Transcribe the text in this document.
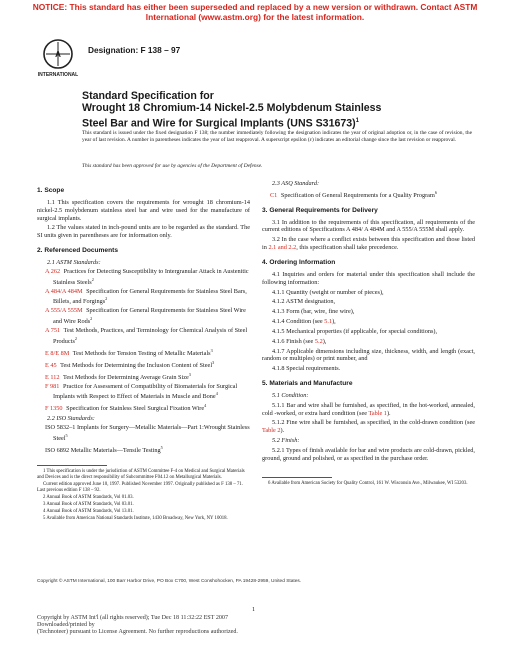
NOTICE: This standard has either been superseded and replaced by a new version or withdrawn. Contact ASTM
International (www.astm.org) for the latest information.
A
INTERNATIONAL
Designation: F 138 – 97
Standard Specification for
Wrought 18 Chromium-14 Nickel-2.5 Molybdenum Stainless
Steel Bar and Wire for Surgical Implants (UNS S31673)$^1$
This standard is issued under the fixed designation F 138; the number immediately following the designation indicates the year of original adoption or, in the case of revision, the year of last revision. A number in parentheses indicates the year of last reapproval. A superscript epsilon (ε) indicates an editorial change since the last revision or reapproval.
This standard has been approved for use by agencies of the Department of Defense.
1. Scope
1.1 This specification covers the requirements for wrought 18 chromium-14 nickel-2.5 molybdenum stainless steel bar and wire used for the manufacture of surgical implants.
1.2 The values stated in inch-pound units are to be regarded as the standard. The SI units given in parentheses are for information only.
2. Referenced Documents
2.1 ASTM Standards:
A 262 Practices for Detecting Susceptibility to Intergranular Attack in Austenitic Stainless Steels$^2$
A 484/A 484M Specification for General Requirements for Stainless Steel Bars, Billets, and Forgings$^2$
A 555/A 555M Specification for General Requirements for Stainless Steel Wire and Wire Rods$^2$
A 751 Test Methods, Practices, and Terminology for Chemical Analysis of Steel Products$^2$
E 8/E 8M Test Methods for Tension Testing of Metallic Materials$^3$
E 45 Test Methods for Determining the Inclusion Content of Steel$^3$
E 112 Test Methods for Determining Average Grain Size$^3$
F 981 Practice for Assessment of Compatibility of Biomaterials for Surgical Implants with Respect to Effect of Materials in Muscle and Bone$^4$
F 1350 Specification for Stainless Steel Surgical Fixation Wire$^4$
2.2 ISO Standards:
ISO 5832–1 Implants for Surgery—Metallic Materials—Part 1:Wrought Stainless Steel$^5$
ISO 6892 Metallic Materials—Tensile Testing$^5$
1 This specification is under the jurisdiction of ASTM Committee F-4 on Medical and Surgical Materials and Devices and is the direct responsibility of Subcommittee F04.12 on Metallurgical Materials.
Current edition approved June 10, 1997. Published November 1997. Originally published as F 138 – 71. Last previous edition F 138 – 92.
2 Annual Book of ASTM Standards, Vol 01.03.
3 Annual Book of ASTM Standards, Vol 03.01.
4 Annual Book of ASTM Standards, Vol 13.01.
5 Available from American National Standards Institute, 1430 Broadway, New York, NY 10018.
2.3 ASQ Standard:
C1 Specification of General Requirements for a Quality Program$^6$
3. General Requirements for Delivery
3.1 In addition to the requirements of this specification, all requirements of the current editions of Specifications A 484/ A 484M and A 555/A 555M shall apply.
3.2 In the case where a conflict exists between this specification and those listed in 2.1 and 2.2, this specification shall take precedence.
4. Ordering Information
4.1 Inquiries and orders for material under this specification shall include the following information:
4.1.1 Quantity (weight or number of pieces),
4.1.2 ASTM designation,
4.1.3 Form (bar, wire, fine wire),
4.1.4 Condition (see 5.1),
4.1.5 Mechanical properties (if applicable, for special conditions),
4.1.6 Finish (see 5.2),
4.1.7 Applicable dimensions including size, thickness, width, and length (exact, random or multiples) or print number, and
4.1.8 Special requirements.
5. Materials and Manufacture
5.1 Condition:
5.1.1 Bar and wire shall be furnished, as specified, in the hot-worked, annealed, cold -worked, or extra hard condition (see Table 1).
5.1.2 Fine wire shall be furnished, as specified, in the cold-drawn condition (see Table 2).
5.2 Finish:
5.2.1 Types of finish available for bar and wire products are cold-drawn, pickled, ground, ground and polished, or as specified in the purchase order.
6 Available from American Society for Quality Control, 161 W. Wisconsin Ave., Milwaukee, WI 53203.
Copyright © ASTM International, 100 Barr Harbor Drive, PO Box C700, West Conshohocken, PA 19428-2959, United States.
1
Copyright by ASTM Int'l (all rights reserved); Tue Dec 18 11:32:22 EST 2007
Downloaded/printed by
(Technoteer) pursuant to License Agreement. No further reproductions authorized.
